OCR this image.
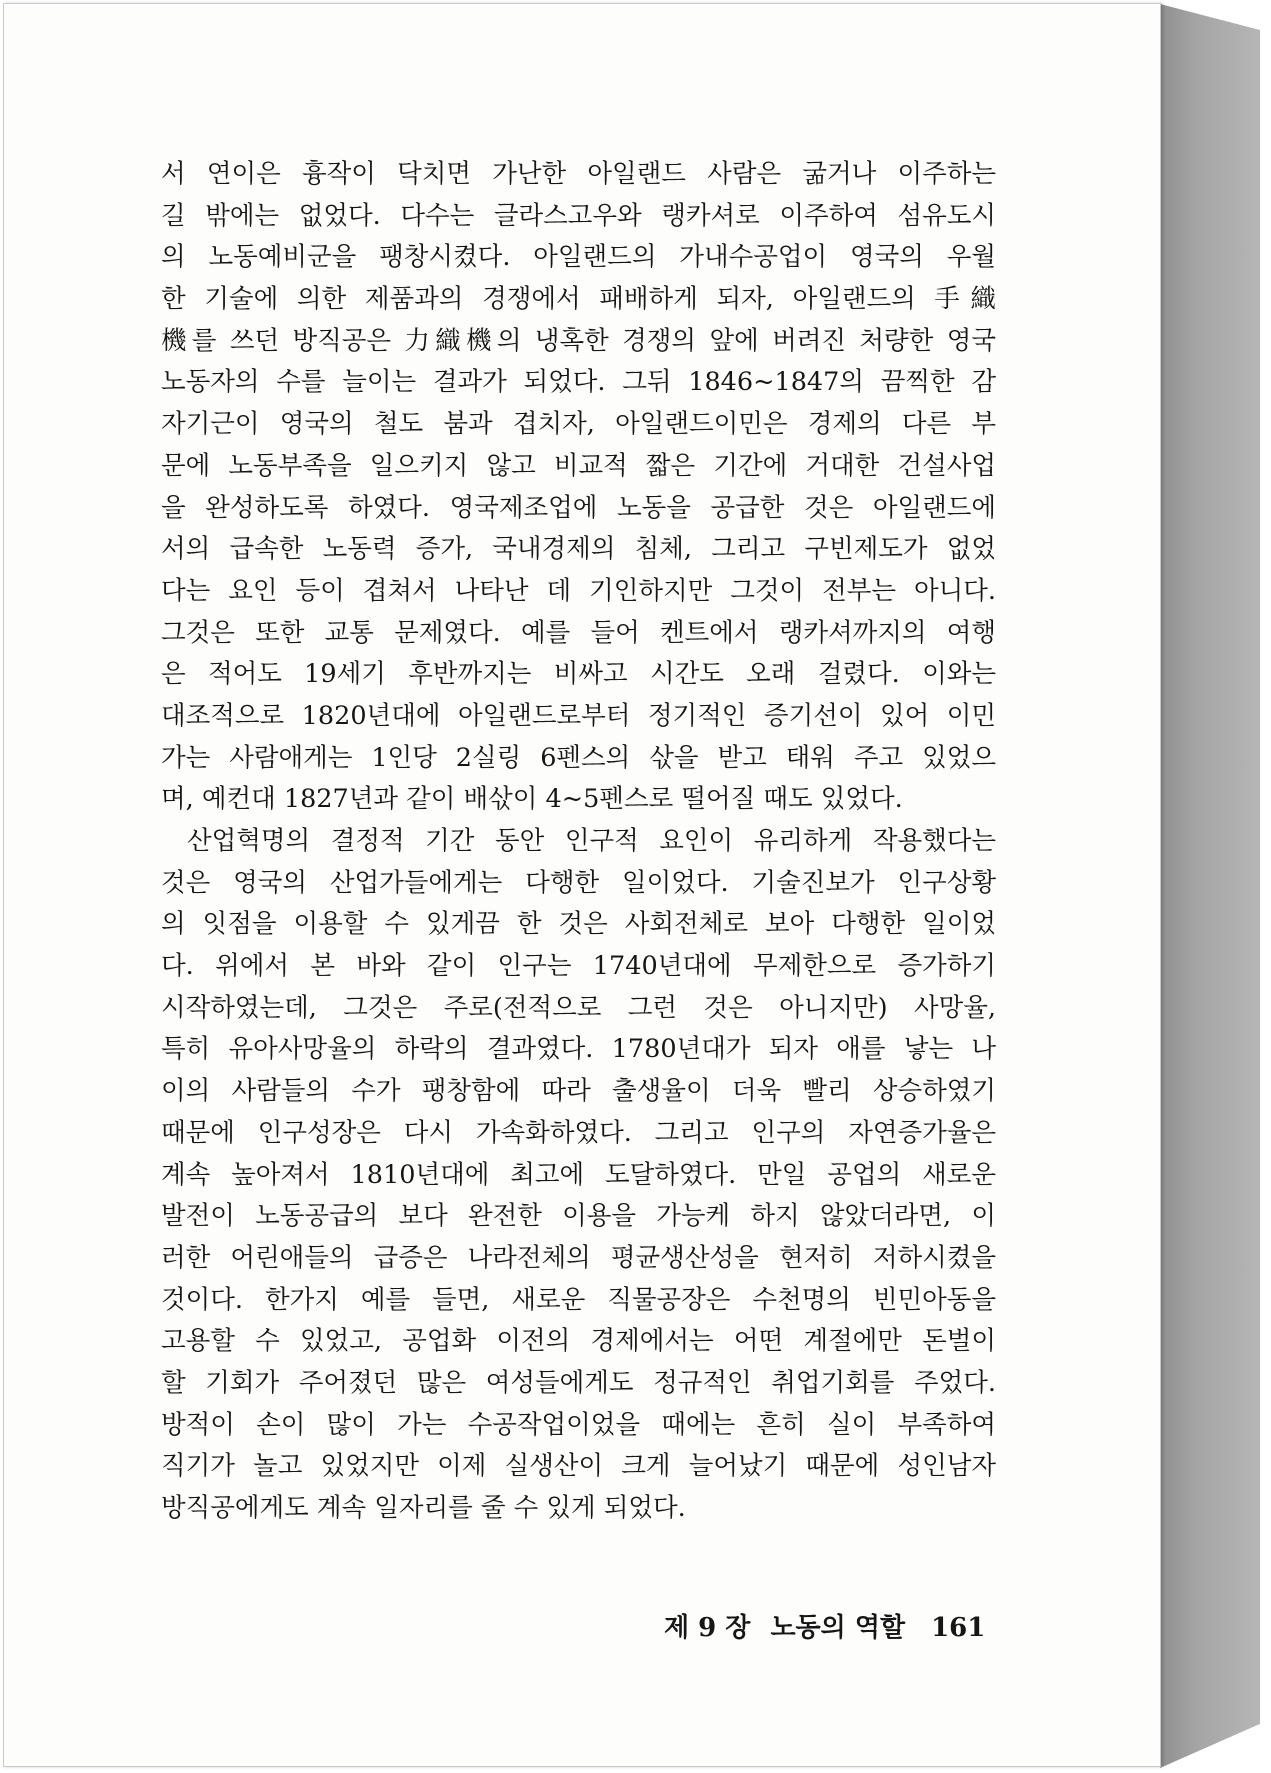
서 연이은 흉작이 닥치면 가난한 아일랜드 사람은 굶거나 이주하는
길 밖에는 없었다. 다수는 글라스고우와 랭카셔로 이주하여 섬유도시
의 노동예비군을 팽창시켰다. 아일랜드의 가내수공업이 영국의 우월
한 기술에 의한 제품과의 경쟁에서 패배하게 되자, 아일랜드의 手織
機를 쓰던 방직공은 力織機의 냉혹한 경쟁의 앞에 버려진 처량한 영국
노동자의 수를 늘이는 결과가 되었다. 그뒤 1846~1847의 끔찍한 감
자기근이 영국의 철도 붐과 겹치자, 아일랜드이민은 경제의 다른 부
문에 노동부족을 일으키지 않고 비교적 짧은 기간에 거대한 건설사업
을 완성하도록 하였다. 영국제조업에 노동을 공급한 것은 아일랜드에
서의 급속한 노동력 증가, 국내경제의 침체, 그리고 구빈제도가 없었
다는 요인 등이 겹쳐서 나타난 데 기인하지만 그것이 전부는 아니다.
그것은 또한 교통 문제였다. 예를 들어 켄트에서 랭카셔까지의 여행
은 적어도 19세기 후반까지는 비싸고 시간도 오래 걸렸다. 이와는
대조적으로 1820년대에 아일랜드로부터 정기적인 증기선이 있어 이민
가는 사람애게는 1인당 2실링 6펜스의 삯을 받고 태워 주고 있었으
며, 예컨대 1827년과 같이 배삯이 4~5펜스로 떨어질 때도 있었다.
산업혁명의 결정적 기간 동안 인구적 요인이 유리하게 작용했다는
것은 영국의 산업가들에게는 다행한 일이었다. 기술진보가 인구상황
의 잇점을 이용할 수 있게끔 한 것은 사회전체로 보아 다행한 일이었
다. 위에서 본 바와 같이 인구는 1740년대에 무제한으로 증가하기
시작하였는데, 그것은 주로(전적으로 그런 것은 아니지만) 사망율,
특히 유아사망율의 하락의 결과였다. 1780년대가 되자 애를 낳는 나
이의 사람들의 수가 팽창함에 따라 출생율이 더욱 빨리 상승하였기
때문에 인구성장은 다시 가속화하였다. 그리고 인구의 자연증가율은
계속 높아져서 1810년대에 최고에 도달하였다. 만일 공업의 새로운
발전이 노동공급의 보다 완전한 이용을 가능케 하지 않았더라면, 이
러한 어린애들의 급증은 나라전체의 평균생산성을 현저히 저하시켰을
것이다. 한가지 예를 들면, 새로운 직물공장은 수천명의 빈민아동을
고용할 수 있었고, 공업화 이전의 경제에서는 어떤 계절에만 돈벌이
할 기회가 주어졌던 많은 여성들에게도 정규적인 취업기회를 주었다.
방적이 손이 많이 가는 수공작업이었을 때에는 흔히 실이 부족하여
직기가 놀고 있었지만 이제 실생산이 크게 늘어났기 때문에 성인남자
방직공에게도 계속 일자리를 줄 수 있게 되었다.
제 9 장 노동의 역할 161
